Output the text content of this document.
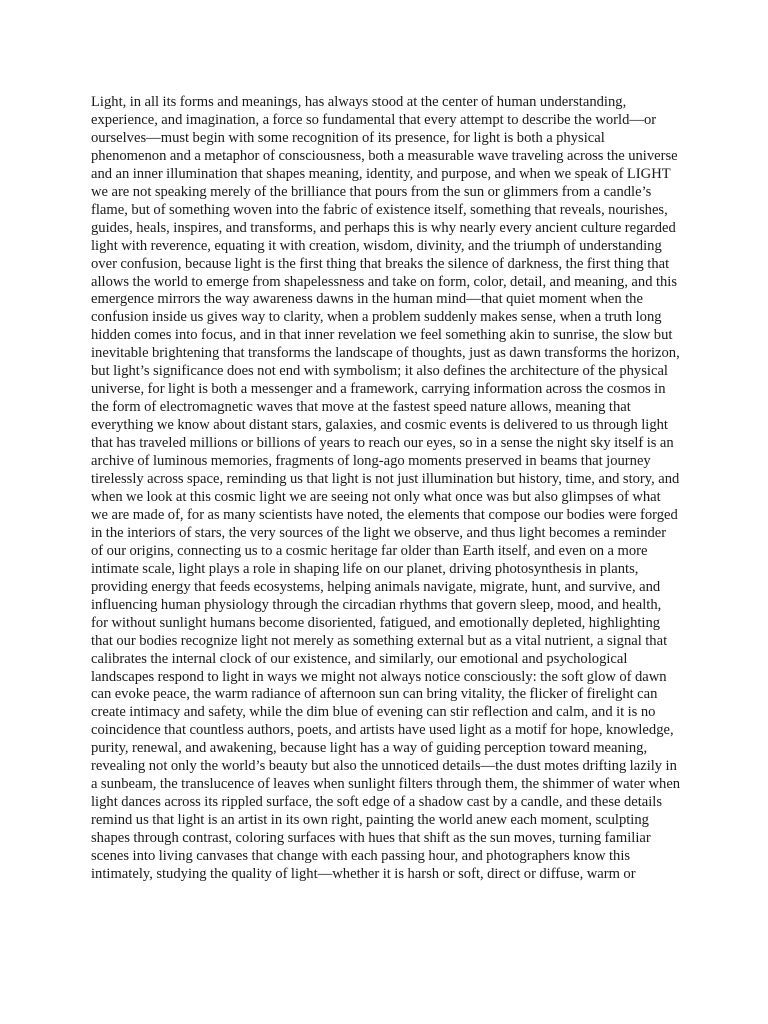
Light, in all its forms and meanings, has always stood at the center of human understanding, experience, and imagination, a force so fundamental that every attempt to describe the world—or ourselves—must begin with some recognition of its presence, for light is both a physical phenomenon and a metaphor of consciousness, both a measurable wave traveling across the universe and an inner illumination that shapes meaning, identity, and purpose, and when we speak of LIGHT we are not speaking merely of the brilliance that pours from the sun or glimmers from a candle’s flame, but of something woven into the fabric of existence itself, something that reveals, nourishes, guides, heals, inspires, and transforms, and perhaps this is why nearly every ancient culture regarded light with reverence, equating it with creation, wisdom, divinity, and the triumph of understanding over confusion, because light is the first thing that breaks the silence of darkness, the first thing that allows the world to emerge from shapelessness and take on form, color, detail, and meaning, and this emergence mirrors the way awareness dawns in the human mind—that quiet moment when the confusion inside us gives way to clarity, when a problem suddenly makes sense, when a truth long hidden comes into focus, and in that inner revelation we feel something akin to sunrise, the slow but inevitable brightening that transforms the landscape of thoughts, just as dawn transforms the horizon, but light’s significance does not end with symbolism; it also defines the architecture of the physical universe, for light is both a messenger and a framework, carrying information across the cosmos in the form of electromagnetic waves that move at the fastest speed nature allows, meaning that everything we know about distant stars, galaxies, and cosmic events is delivered to us through light that has traveled millions or billions of years to reach our eyes, so in a sense the night sky itself is an archive of luminous memories, fragments of long-ago moments preserved in beams that journey tirelessly across space, reminding us that light is not just illumination but history, time, and story, and when we look at this cosmic light we are seeing not only what once was but also glimpses of what we are made of, for as many scientists have noted, the elements that compose our bodies were forged in the interiors of stars, the very sources of the light we observe, and thus light becomes a reminder of our origins, connecting us to a cosmic heritage far older than Earth itself, and even on a more intimate scale, light plays a role in shaping life on our planet, driving photosynthesis in plants, providing energy that feeds ecosystems, helping animals navigate, migrate, hunt, and survive, and influencing human physiology through the circadian rhythms that govern sleep, mood, and health, for without sunlight humans become disoriented, fatigued, and emotionally depleted, highlighting that our bodies recognize light not merely as something external but as a vital nutrient, a signal that calibrates the internal clock of our existence, and similarly, our emotional and psychological landscapes respond to light in ways we might not always notice consciously: the soft glow of dawn can evoke peace, the warm radiance of afternoon sun can bring vitality, the flicker of firelight can create intimacy and safety, while the dim blue of evening can stir reflection and calm, and it is no coincidence that countless authors, poets, and artists have used light as a motif for hope, knowledge, purity, renewal, and awakening, because light has a way of guiding perception toward meaning, revealing not only the world’s beauty but also the unnoticed details—the dust motes drifting lazily in a sunbeam, the translucence of leaves when sunlight filters through them, the shimmer of water when light dances across its rippled surface, the soft edge of a shadow cast by a candle, and these details remind us that light is an artist in its own right, painting the world anew each moment, sculpting shapes through contrast, coloring surfaces with hues that shift as the sun moves, turning familiar scenes into living canvases that change with each passing hour, and photographers know this intimately, studying the quality of light—whether it is harsh or soft, direct or diffuse, warm or
